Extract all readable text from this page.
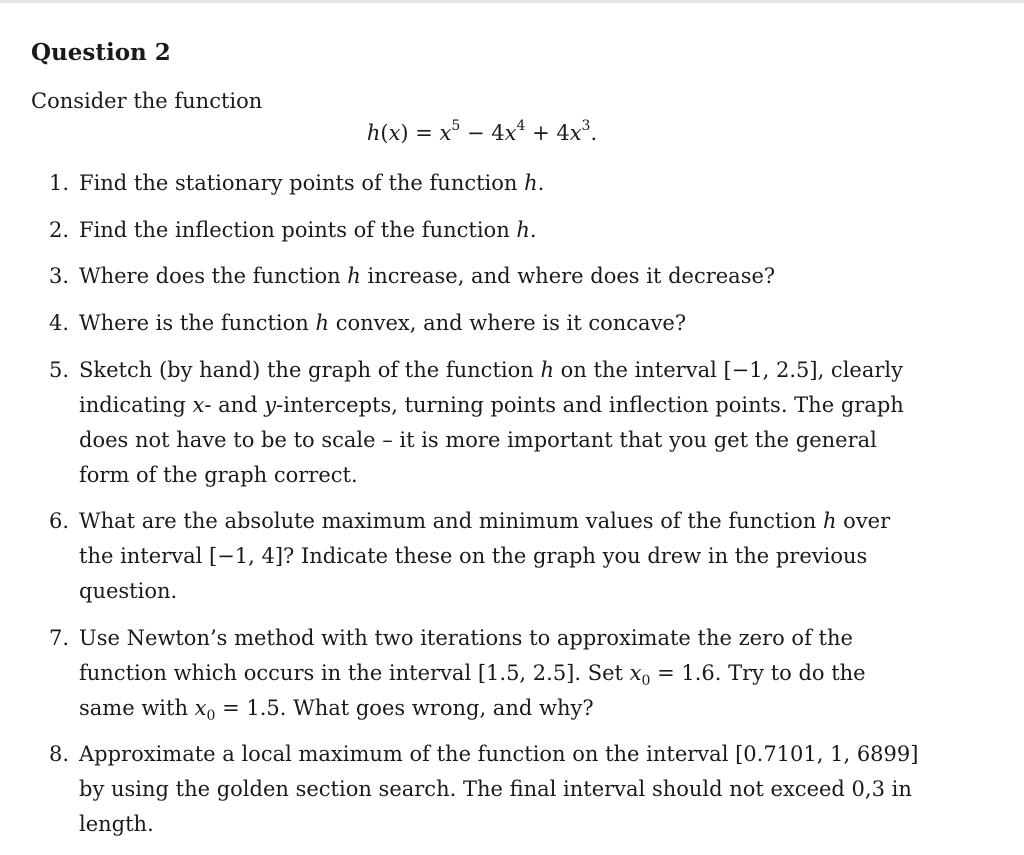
Question 2
Consider the function
$h(x) = x^5 - 4x^4 + 4x^3$.
1. Find the stationary points of the function h.
2. Find the inflection points of the function h.
3. Where does the function h increase, and where does it decrease?
4. Where is the function h convex, and where is it concave?
5. Sketch (by hand) the graph of the function h on the interval [−1, 2.5], clearly
indicating x- and y-intercepts, turning points and inflection points. The graph
does not have to be to scale – it is more important that you get the general
form of the graph correct.
6. What are the absolute maximum and minimum values of the function h over
the interval [−1, 4]? Indicate these on the graph you drew in the previous
question.
7. Use Newton’s method with two iterations to approximate the zero of the
function which occurs in the interval [1.5, 2.5]. Set $x_0 = 1.6$. Try to do the
same with $x_0 = 1.5$. What goes wrong, and why?
8. Approximate a local maximum of the function on the interval [0.7101, 1, 6899]
by using the golden section search. The final interval should not exceed 0,3 in
length.
